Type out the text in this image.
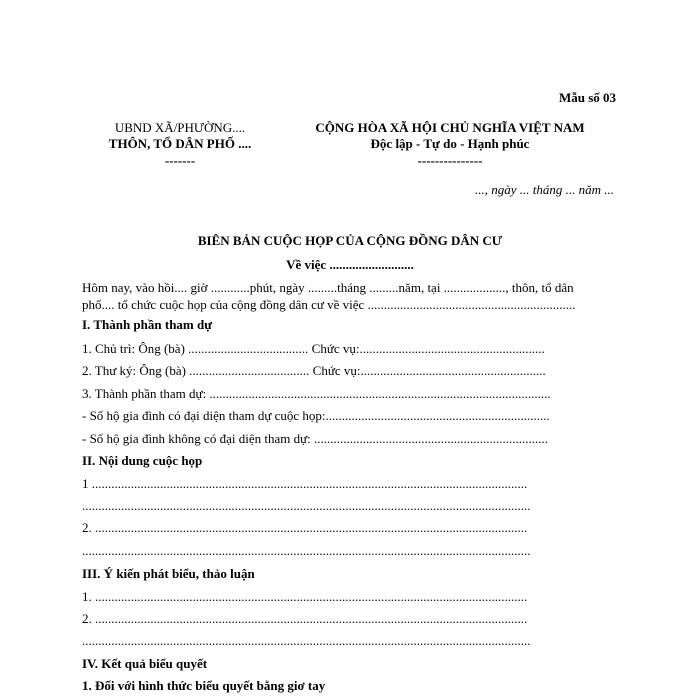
Mẫu số 03
UBND XÃ/PHƯỜNG....
THÔN, TỔ DÂN PHỐ ....
-------
CỘNG HÒA XÃ HỘI CHỦ NGHĨA VIỆT NAM
Độc lập - Tự do - Hạnh phúc
---------------
..., ngày ... tháng ... năm ...
BIÊN BẢN CUỘC HỌP CỦA CỘNG ĐỒNG DÂN CƯ
Về việc ..........................
Hôm nay, vào hồi.... giờ ............phút, ngày .........tháng .........năm, tại ..................., thôn, tổ dân
phố.... tổ chức cuộc họp của cộng đồng dân cư về việc ................................................................
I. Thành phần tham dự
1. Chủ trì: Ông (bà) ..................................... Chức vụ:.........................................................
2. Thư ký: Ông (bà) ..................................... Chức vụ:.........................................................
3. Thành phần tham dự: .........................................................................................................
- Số hộ gia đình có đại diện tham dự cuộc họp:.....................................................................
- Số hộ gia đình không có đại diện tham dự: ........................................................................
II. Nội dung cuộc họp
1 ......................................................................................................................................
..........................................................................................................................................
2. .....................................................................................................................................
..........................................................................................................................................
III. Ý kiến phát biểu, thảo luận
1. .....................................................................................................................................
2. .....................................................................................................................................
..........................................................................................................................................
IV. Kết quả biểu quyết
1. Đối với hình thức biểu quyết bằng giơ tay
